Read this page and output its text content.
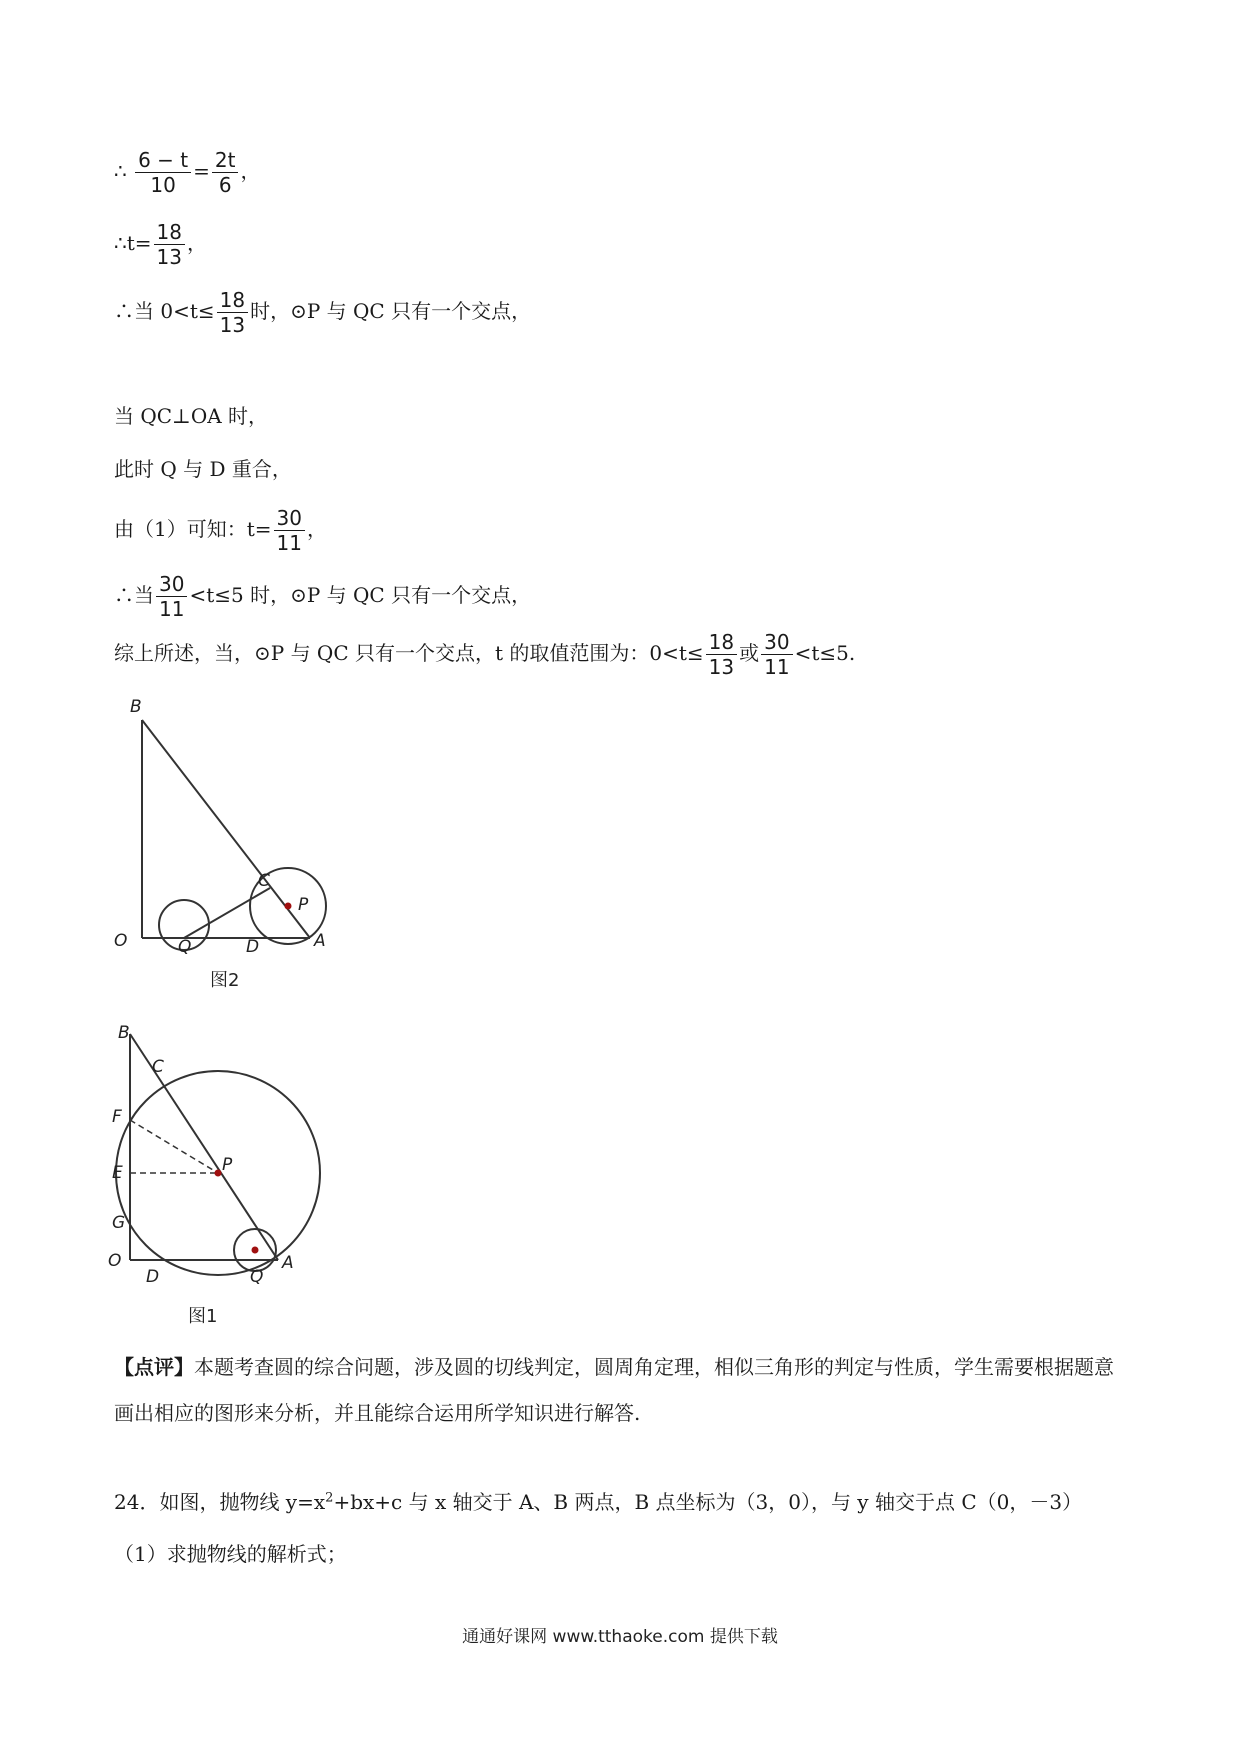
∴ $\frac{6 - t}{10} = \frac{2t}{6}$ ，
∴t= $\frac{18}{13}$ ，
∴当 $0<t\le \frac{18}{13}$ 时，⊙P 与 QC 只有一个交点，
当 QC⊥OA 时，
此时 Q 与 D 重合，
由（1）可知：$t= \frac{30}{11}$ ，
∴当 $\frac{30}{11} <t\le 5$ 时，⊙P 与 QC 只有一个交点，
综上所述，当，⊙P 与 QC 只有一个交点，t 的取值范围为：$0<t\le \frac{18}{13}$ 或 $\frac{30}{11} <t\le 5$.
B
C
P
O	Q	D	A
图2
B
C
F
E	P
G
O
D	Q
A
图1
【点评】本题考查圆的综合问题，涉及圆的切线判定，圆周角定理，相似三角形的判定与性质，学生需要根据题意画出相应的图形来分析，并且能综合运用所学知识进行解答.
24．如图，抛物线 $y=x^2+bx+c$ 与 x 轴交于 A、B 两点，B 点坐标为（3，0），与 y 轴交于点 C（0，－3）
（1）求抛物线的解析式；
通通好课网 www.tthaoke.com 提供下载
